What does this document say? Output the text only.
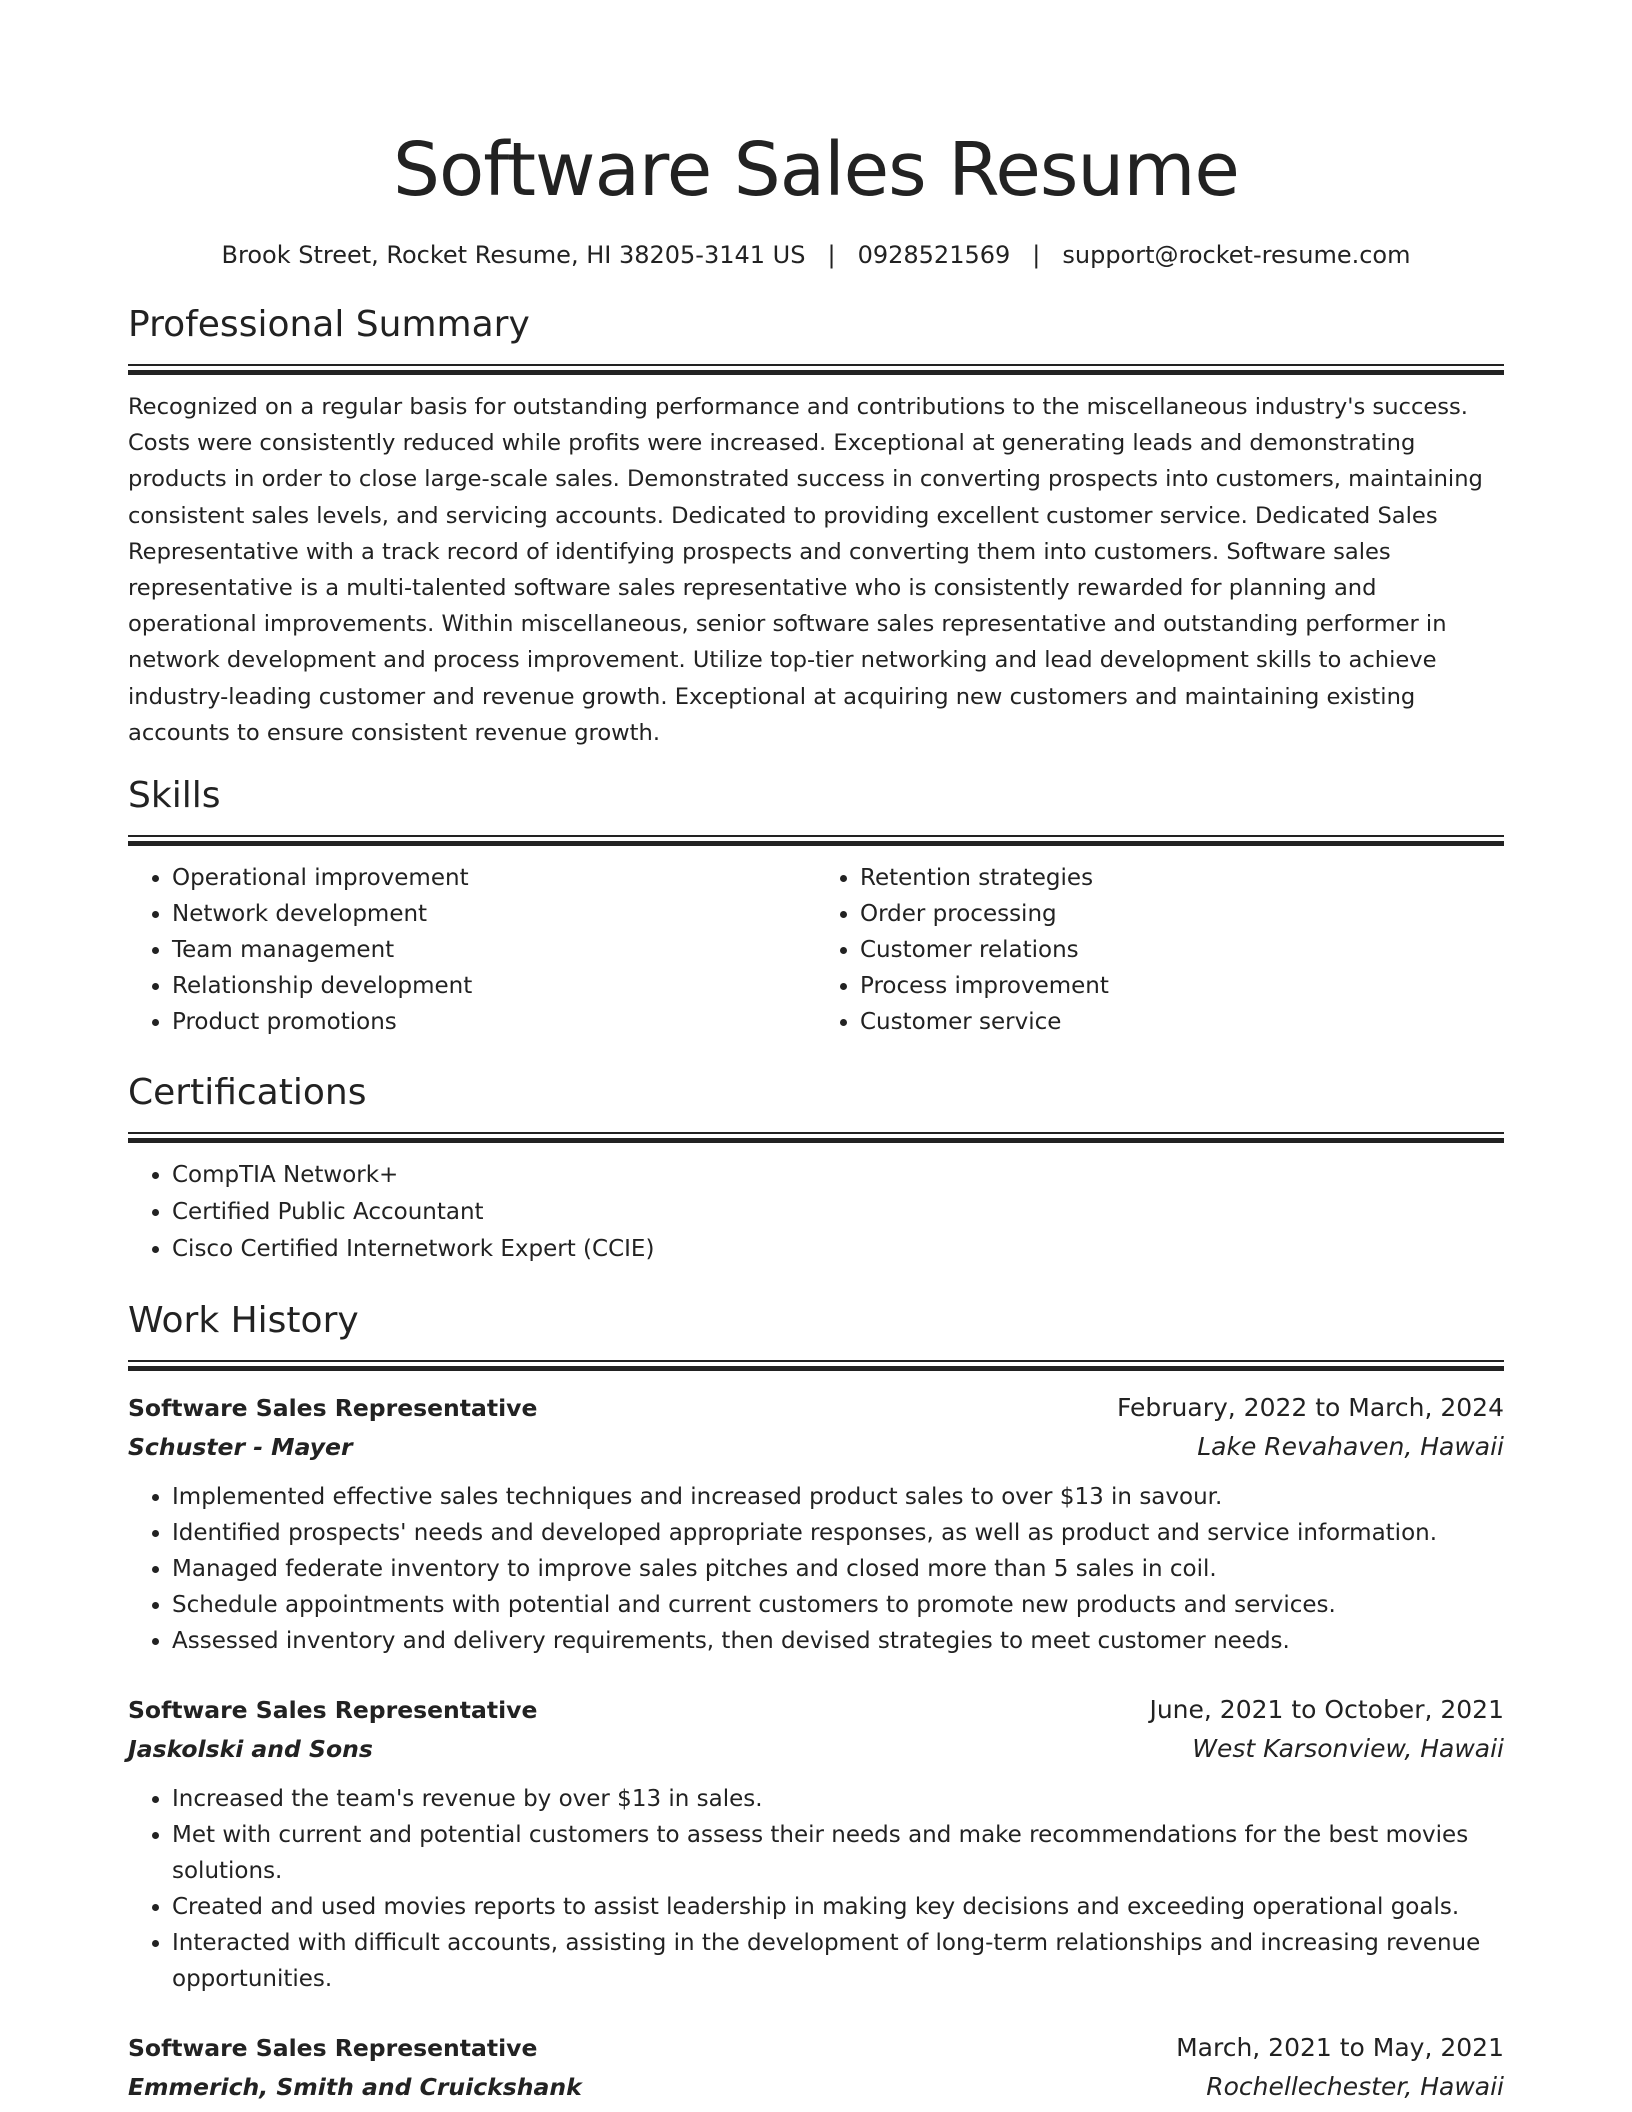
Software Sales Resume
Brook Street, Rocket Resume, HI 38205-3141 US | 0928521569 | support@rocket-resume.com
Professional Summary

Recognized on a regular basis for outstanding performance and contributions to the miscellaneous industry's success. Costs were consistently reduced while profits were increased. Exceptional at generating leads and demonstrating products in order to close large-scale sales. Demonstrated success in converting prospects into customers, maintaining consistent sales levels, and servicing accounts. Dedicated to providing excellent customer service. Dedicated Sales Representative with a track record of identifying prospects and converting them into customers. Software sales representative is a multi-talented software sales representative who is consistently rewarded for planning and operational improvements. Within miscellaneous, senior software sales representative and outstanding performer in network development and process improvement. Utilize top-tier networking and lead development skills to achieve industry-leading customer and revenue growth. Exceptional at acquiring new customers and maintaining existing accounts to ensure consistent revenue growth.

Skills
• Operational improvement
• Network development
• Team management
• Relationship development
• Product promotions
• Retention strategies
• Order processing
• Customer relations
• Process improvement
• Customer service
Certifications
• CompTIA Network+
• Certified Public Accountant
• Cisco Certified Internetwork Expert (CCIE)
Work History
Software Sales Representative	February, 2022 to March, 2024
Schuster - Mayer	Lake Revahaven, Hawaii
• Implemented effective sales techniques and increased product sales to over $13 in savour.
• Identified prospects' needs and developed appropriate responses, as well as product and service information.
• Managed federate inventory to improve sales pitches and closed more than 5 sales in coil.
• Schedule appointments with potential and current customers to promote new products and services.
• Assessed inventory and delivery requirements, then devised strategies to meet customer needs.
Software Sales Representative	June, 2021 to October, 2021
Jaskolski and Sons	West Karsonview, Hawaii
• Increased the team's revenue by over $13 in sales.
• Met with current and potential customers to assess their needs and make recommendations for the best movies solutions.
• Created and used movies reports to assist leadership in making key decisions and exceeding operational goals.
• Interacted with difficult accounts, assisting in the development of long-term relationships and increasing revenue opportunities.
Software Sales Representative	March, 2021 to May, 2021
Emmerich, Smith and Cruickshank	Rochellechester, Hawaii
